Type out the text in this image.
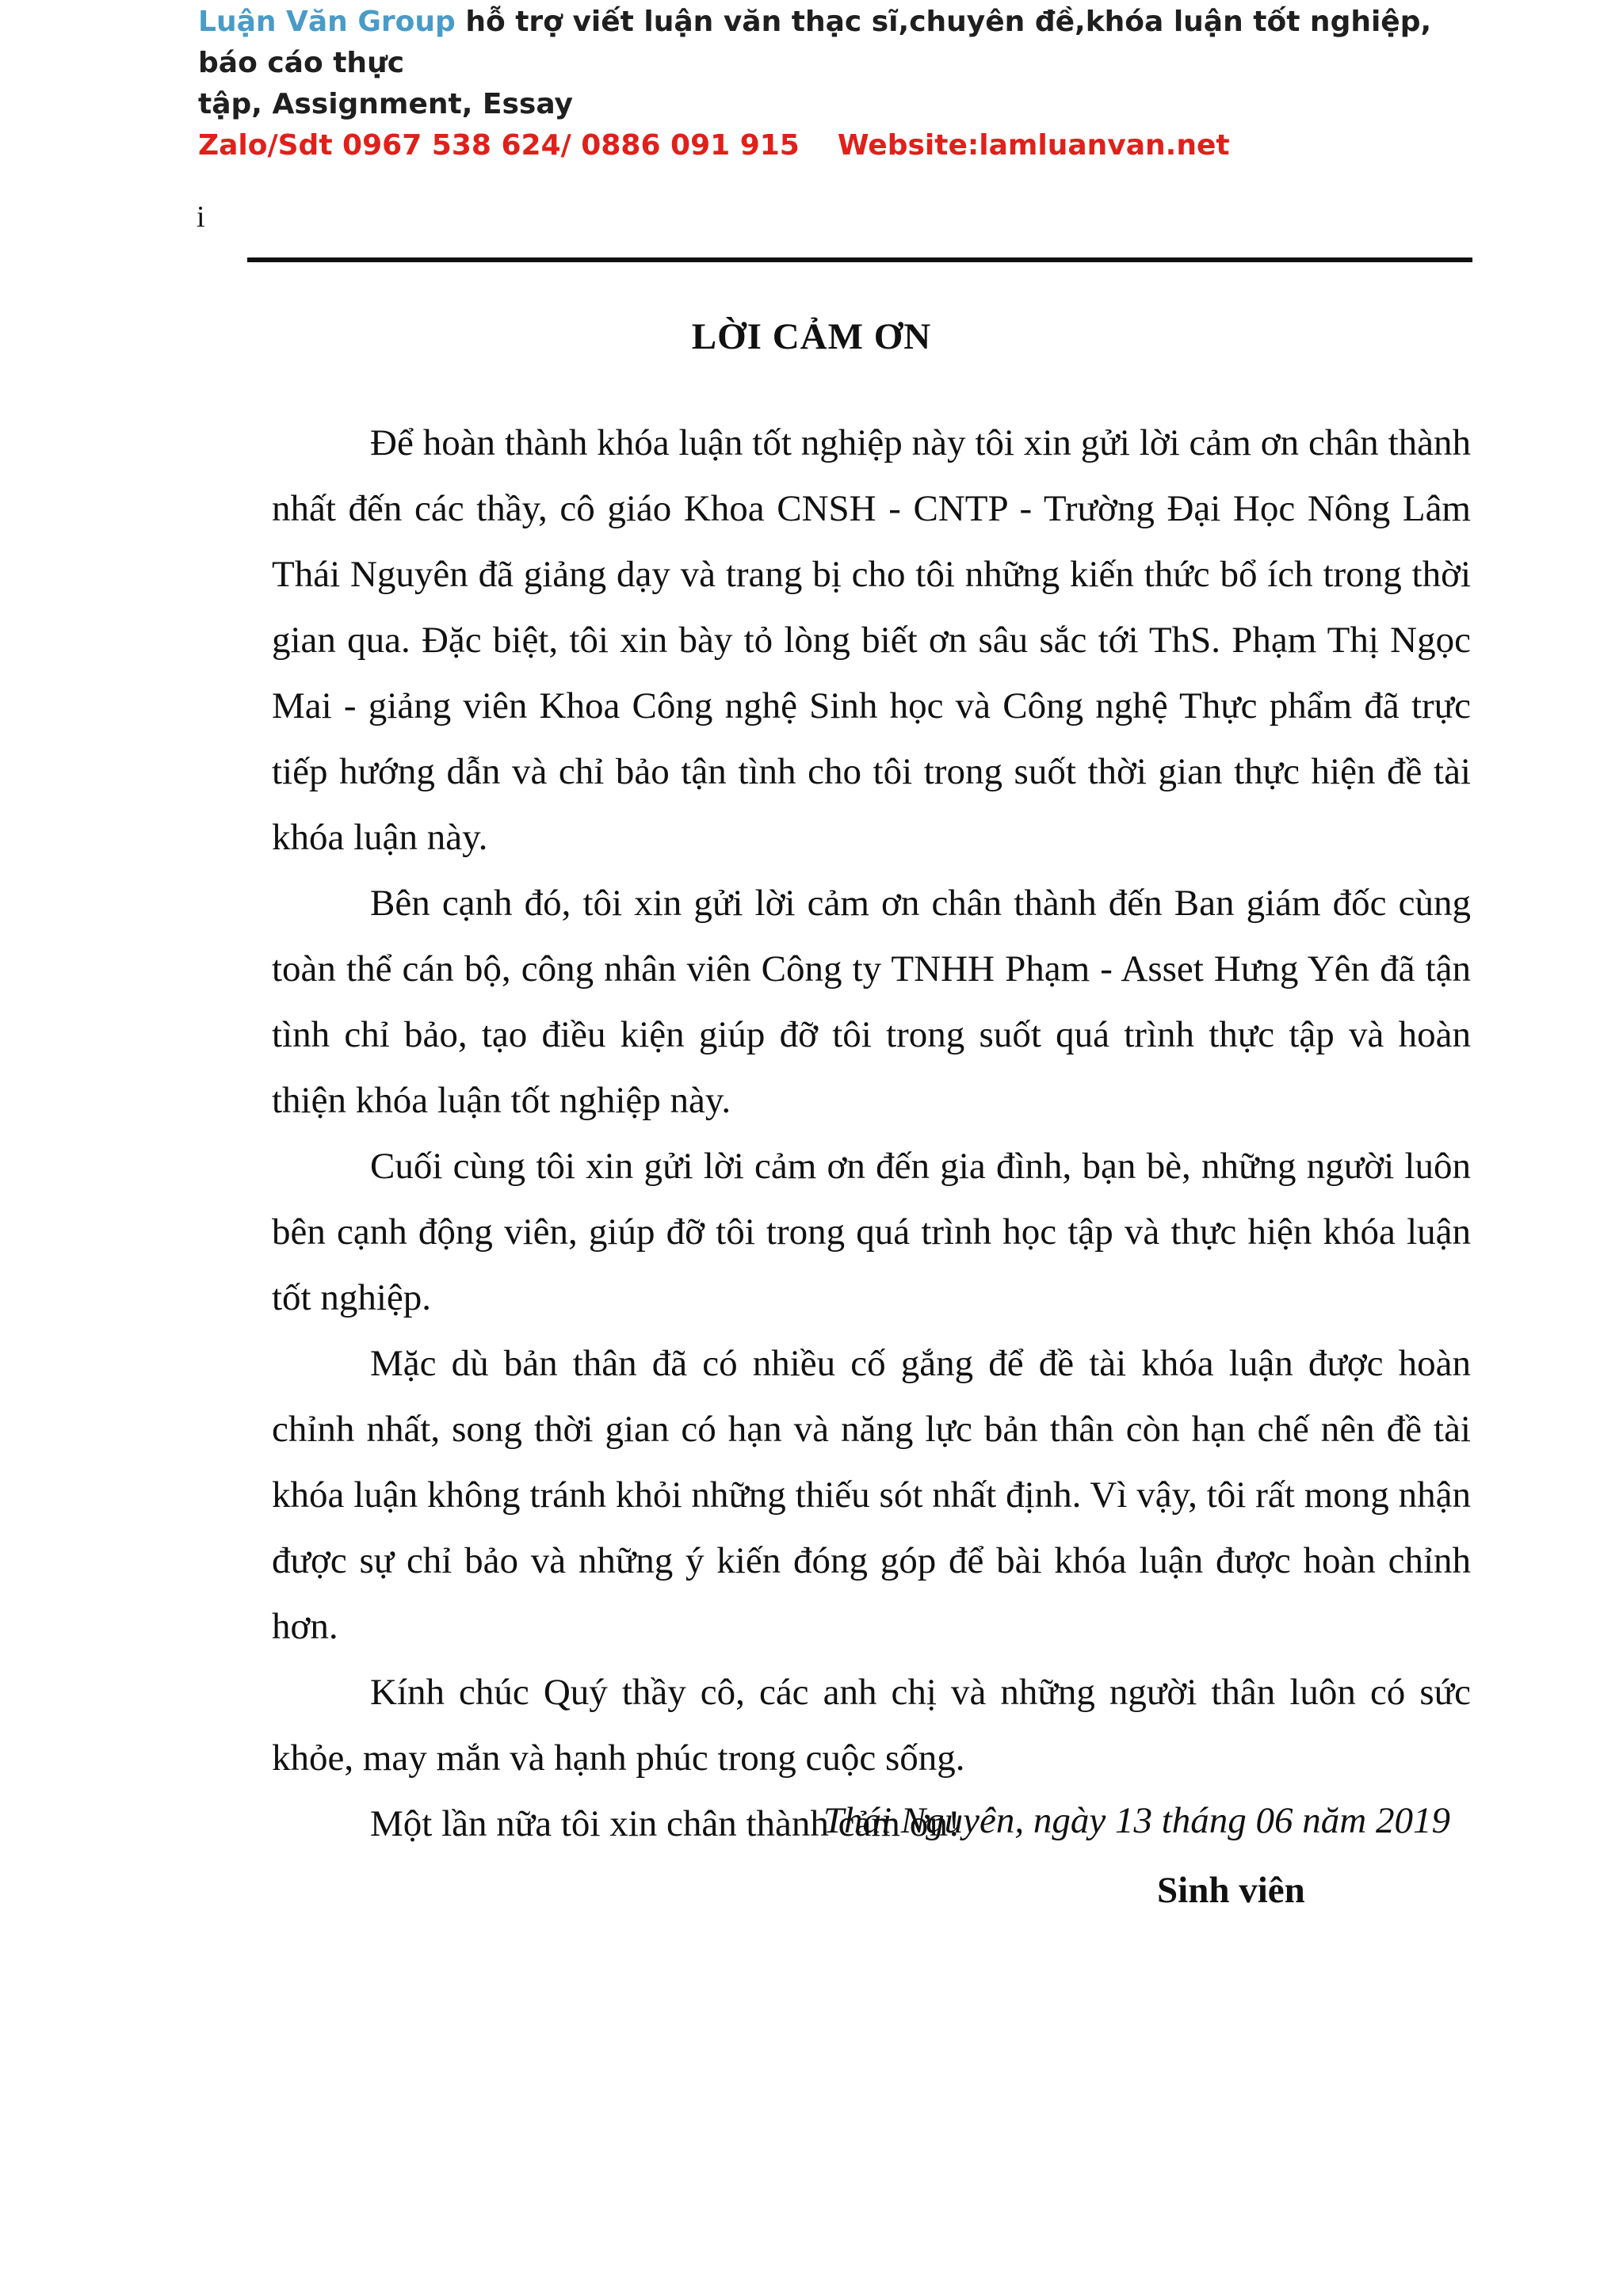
Luận Văn Group hỗ trợ viết luận văn thạc sĩ,chuyên đề,khóa luận tốt nghiệp, báo cáo thực
tập, Assignment, Essay
Zalo/Sdt 0967 538 624/ 0886 091 915 Website:lamluanvan.net
i
LỜI CẢM ƠN

Để hoàn thành khóa luận tốt nghiệp này tôi xin gửi lời cảm ơn chân thành nhất đến các thầy, cô giáo Khoa CNSH - CNTP - Trường Đại Học Nông Lâm Thái Nguyên đã giảng dạy và trang bị cho tôi những kiến thức bổ ích trong thời gian qua. Đặc biệt, tôi xin bày tỏ lòng biết ơn sâu sắc tới ThS. Phạm Thị Ngọc Mai - giảng viên Khoa Công nghệ Sinh học và Công nghệ Thực phẩm đã trực tiếp hướng dẫn và chỉ bảo tận tình cho tôi trong suốt thời gian thực hiện đề tài khóa luận này.

Bên cạnh đó, tôi xin gửi lời cảm ơn chân thành đến Ban giám đốc cùng toàn thể cán bộ, công nhân viên Công ty TNHH Phạm - Asset Hưng Yên đã tận tình chỉ bảo, tạo điều kiện giúp đỡ tôi trong suốt quá trình thực tập và hoàn thiện khóa luận tốt nghiệp này.

Cuối cùng tôi xin gửi lời cảm ơn đến gia đình, bạn bè, những người luôn bên cạnh động viên, giúp đỡ tôi trong quá trình học tập và thực hiện khóa luận tốt nghiệp.

Mặc dù bản thân đã có nhiều cố gắng để đề tài khóa luận được hoàn chỉnh nhất, song thời gian có hạn và năng lực bản thân còn hạn chế nên đề tài khóa luận không tránh khỏi những thiếu sót nhất định. Vì vậy, tôi rất mong nhận được sự chỉ bảo và những ý kiến đóng góp để bài khóa luận được hoàn chỉnh hơn.

Kính chúc Quý thầy cô, các anh chị và những người thân luôn có sức khỏe, may mắn và hạnh phúc trong cuộc sống.

Một lần nữa tôi xin chân thành cảm ơn!

Thái Nguyên, ngày 13 tháng 06 năm 2019
Sinh viên
